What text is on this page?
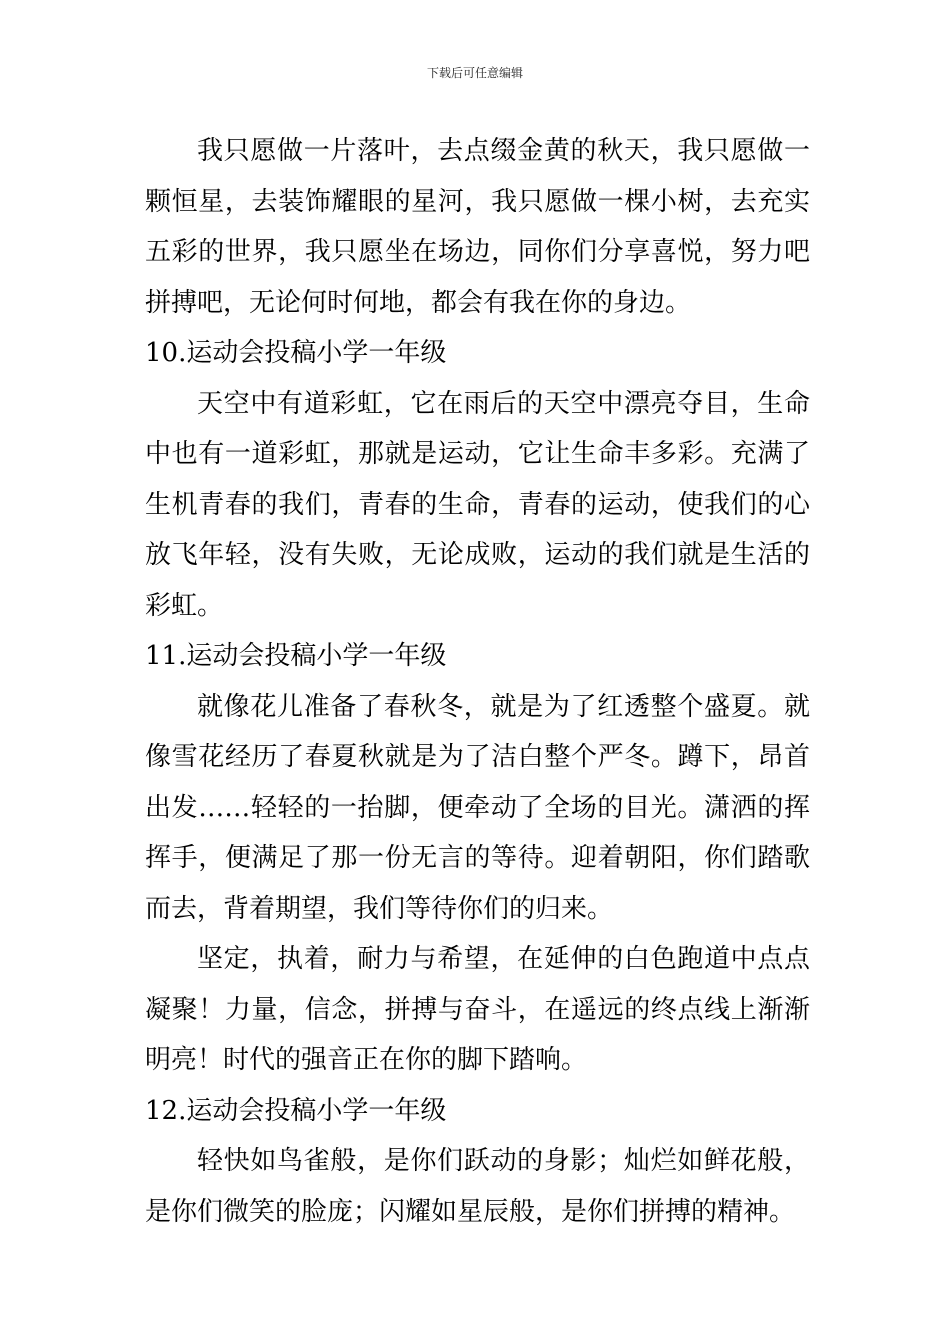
下载后可任意编辑

我只愿做一片落叶，去点缀金黄的秋天，我只愿做一颗恒星，去装饰耀眼的星河，我只愿做一棵小树，去充实五彩的世界，我只愿坐在场边，同你们分享喜悦，努力吧拼搏吧，无论何时何地，都会有我在你的身边。

10.运动会投稿小学一年级

天空中有道彩虹，它在雨后的天空中漂亮夺目，生命中也有一道彩虹，那就是运动，它让生命丰多彩。充满了生机青春的我们，青春的生命，青春的运动，使我们的心放飞年轻，没有失败，无论成败，运动的我们就是生活的彩虹。

11.运动会投稿小学一年级

就像花儿准备了春秋冬，就是为了红透整个盛夏。就像雪花经历了春夏秋就是为了洁白整个严冬。蹲下，昂首出发……轻轻的一抬脚，便牵动了全场的目光。潇洒的挥挥手，便满足了那一份无言的等待。迎着朝阳，你们踏歌而去，背着期望，我们等待你们的归来。

坚定，执着，耐力与希望，在延伸的白色跑道中点点凝聚！力量，信念，拼搏与奋斗，在遥远的终点线上渐渐明亮！时代的强音正在你的脚下踏响。

12.运动会投稿小学一年级

轻快如鸟雀般，是你们跃动的身影；灿烂如鲜花般，是你们微笑的脸庞；闪耀如星辰般，是你们拼搏的精神。
